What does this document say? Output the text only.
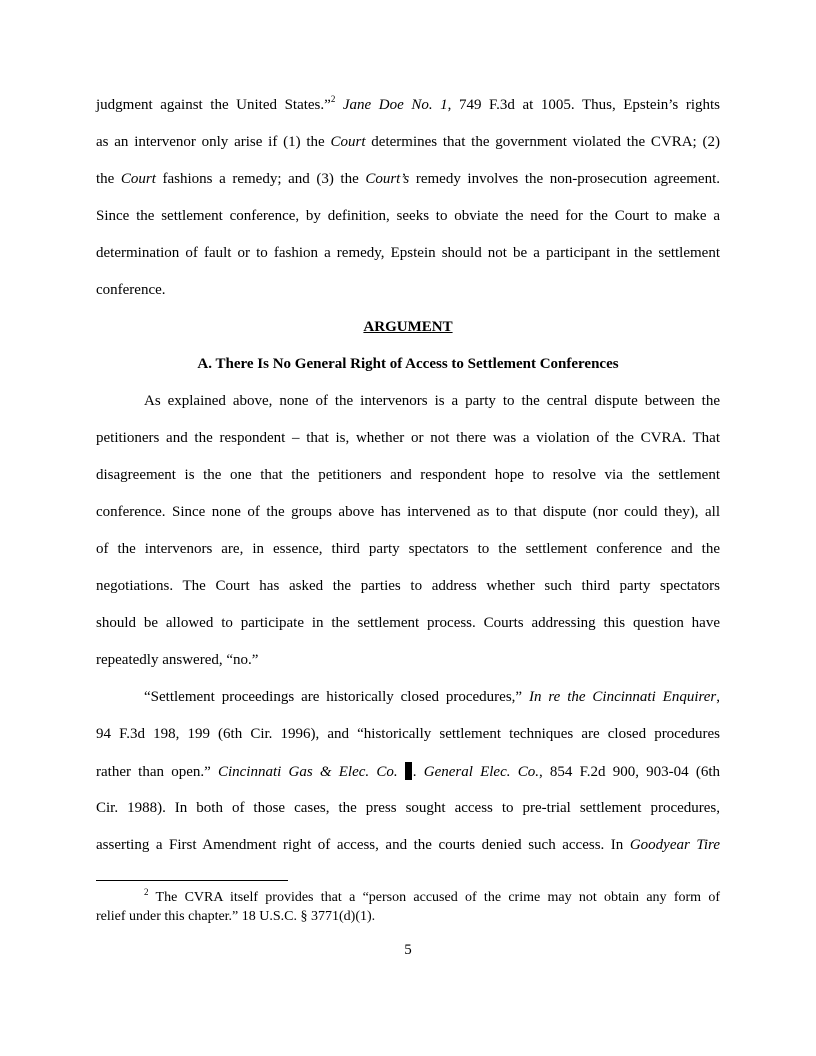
judgment against the United States.”$^2$ Jane Doe No. 1, 749 F.3d at 1005. Thus, Epstein’s rights
as an intervenor only arise if (1) the Court determines that the government violated the CVRA; (2)
the Court fashions a remedy; and (3) the Court’s remedy involves the non-prosecution agreement.
Since the settlement conference, by definition, seeks to obviate the need for the Court to make a
determination of fault or to fashion a remedy, Epstein should not be a participant in the settlement
conference.
ARGUMENT
A. There Is No General Right of Access to Settlement Conferences
As explained above, none of the intervenors is a party to the central dispute between the
petitioners and the respondent – that is, whether or not there was a violation of the CVRA. That
disagreement is the one that the petitioners and respondent hope to resolve via the settlement
conference. Since none of the groups above has intervened as to that dispute (nor could they), all
of the intervenors are, in essence, third party spectators to the settlement conference and the
negotiations. The Court has asked the parties to address whether such third party spectators
should be allowed to participate in the settlement process. Courts addressing this question have
repeatedly answered, “no.”
“Settlement proceedings are historically closed procedures,” In re the Cincinnati Enquirer,
94 F.3d 198, 199 (6th Cir. 1996), and “historically settlement techniques are closed procedures
rather than open.” Cincinnati Gas & Elec. Co. . General Elec. Co., 854 F.2d 900, 903-04 (6th
Cir. 1988). In both of those cases, the press sought access to pre-trial settlement procedures,
asserting a First Amendment right of access, and the courts denied such access. In Goodyear Tire
$^2$ The CVRA itself provides that a “person accused of the crime may not obtain any form of
relief under this chapter.” 18 U.S.C. § 3771(d)(1).
5
